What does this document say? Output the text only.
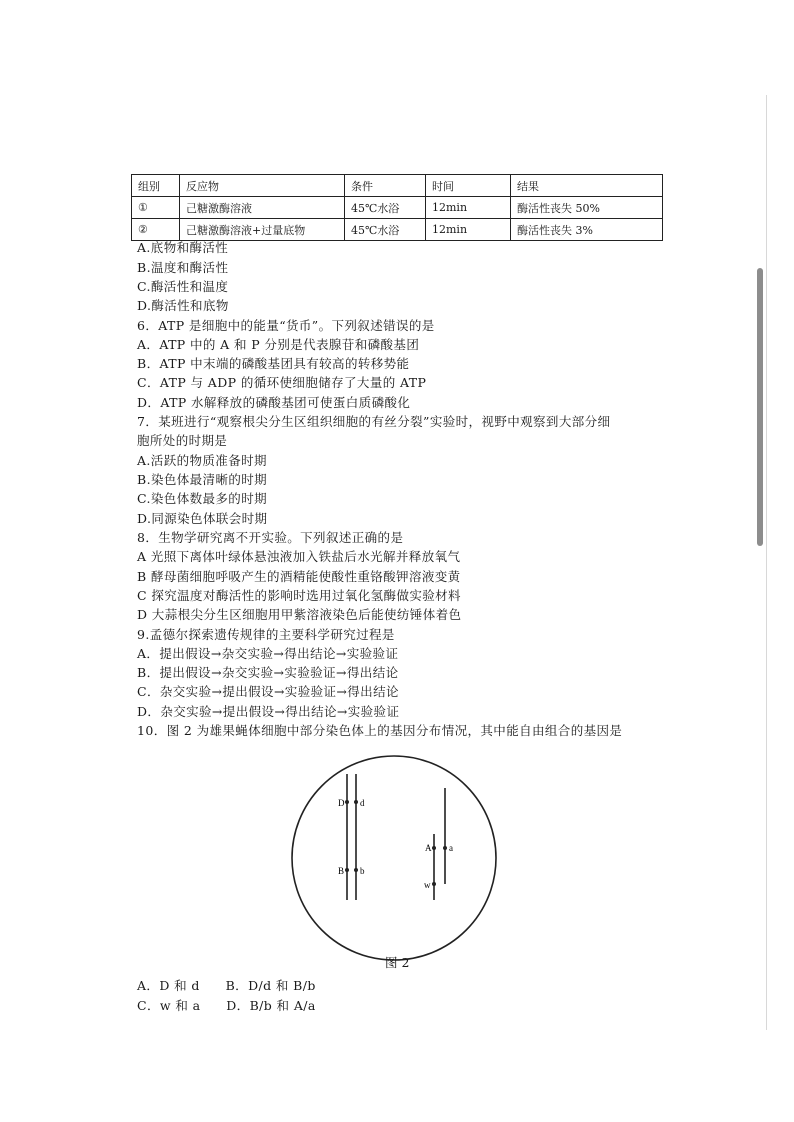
组别	反应物	条件	时间	结果
①	己糖激酶溶液	45℃水浴	12min	酶活性丧失 50%
②	己糖激酶溶液+过量底物	45℃水浴	12min	酶活性丧失 3%
A.底物和酶活性
B.温度和酶活性
C.酶活性和温度
D.酶活性和底物
6．ATP 是细胞中的能量“货币”。下列叙述错误的是
A．ATP 中的 A 和 P 分别是代表腺苷和磷酸基团
B．ATP 中末端的磷酸基团具有较高的转移势能
C．ATP 与 ADP 的循环使细胞储存了大量的 ATP
D．ATP 水解释放的磷酸基团可使蛋白质磷酸化
7．某班进行“观察根尖分生区组织细胞的有丝分裂”实验时，视野中观察到大部分细
胞所处的时期是
A.活跃的物质准备时期
B.染色体最清晰的时期
C.染色体数最多的时期
D.同源染色体联会时期
8．生物学研究离不开实验。下列叙述正确的是
A 光照下离体叶绿体悬浊液加入铁盐后水光解并释放氧气
B 酵母菌细胞呼吸产生的酒精能使酸性重铬酸钾溶液变黄
C 探究温度对酶活性的影响时选用过氧化氢酶做实验材料
D 大蒜根尖分生区细胞用甲紫溶液染色后能使纺锤体着色
9.孟德尔探索遗传规律的主要科学研究过程是
A．提出假设→杂交实验→得出结论→实验验证
B．提出假设→杂交实验→实验验证→得出结论
C．杂交实验→提出假设→实验验证→得出结论
D．杂交实验→提出假设→得出结论→实验验证
10．图 2 为雄果蝇体细胞中部分染色体上的基因分布情况，其中能自由组合的基因是
D d
B b
A a
w
图 2
A．D 和 d　　B．D/d 和 B/b
C．w 和 a　　D．B/b 和 A/a
